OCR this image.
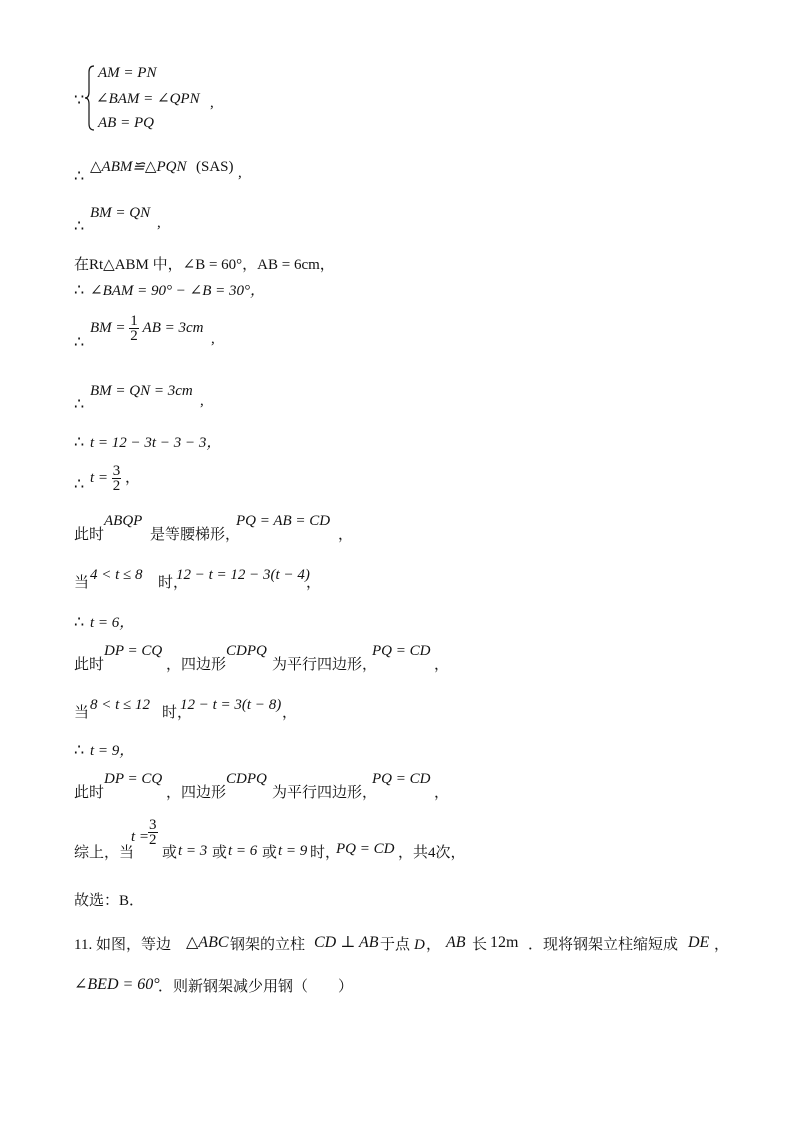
∵
AM = PN
∠BAM = ∠QPN ,
AB = PQ
∴
△ABM≌△PQN (SAS) ,
∴
BM = QN
,
在Rt△ABM 中，∠B = 60°，AB = 6cm，
∴ ∠BAM = 90° − ∠B = 30°，
∴
BM = $\frac{1}{2}$ AB = 3cm
,
∴
BM = QN = 3cm
,
∴ t = 12 − 3t − 3 − 3，
∴ $t = \frac{3}{2}$ ，
此时
ABQP
是等腰梯形，
PQ = AB = CD
，
当 4 < t ≤ 8 时，
12 − t = 12 − 3(t − 4)
，
∴ t = 6，
此时
DP = CQ
，四边形
CDPQ
为平行四边形，
PQ = CD
，
当 8 < t ≤ 12 时，
12 − t = 3(t − 8) ，
∴ t = 9，
此时
DP = CQ
，四边形
CDPQ
为平行四边形，
PQ = CD
，
综上，当
t =
$\frac{3}{2}$
或 t = 3 或 t = 6 或 t = 9 时，
PQ = CD ，共4次，
故选：B．
11. 如图，等边 △ABC 钢架的立柱 CD ⊥ AB 于点 D ， AB 长 12m ．现将钢架立柱缩短成 DE ，
∠BED = 60°
．则新钢架减少用钢（　　）
